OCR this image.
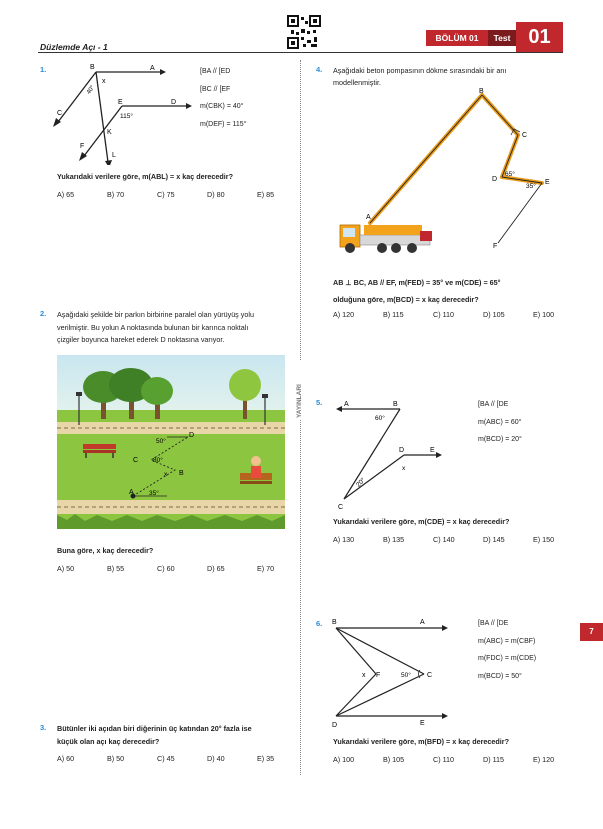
Düzlemde Açı - 1
BÖLÜM 01	Test 01
YAYINLARI
7
1.	B	A
C
E	D
F
K
L
x
40°
115°
[BA // [ED
[BC // [EF
m(CBK) = 40°
m(DEF) = 115°
Yukarıdaki verilere göre, m(ABL) = x kaç derecedir?
A) 65	B) 70	C) 75	D) 80	E) 85
2. Aşağıdaki şekilde bir parkın birbirine paralel olan yürüyüş yolu
verilmiştir. Bu yolun A noktasında bulunan bir karınca noktalı
çizgiler boyunca hareket ederek D noktasına varıyor.
D
50°
C 80°
x B
A 35°
Buna göre, x kaç derecedir?
A) 50	B) 55	C) 60	D) 65	E) 70
3. Bütünler iki açıdan biri diğerinin üç katından 20° fazla ise
küçük olan açı kaç derecedir?
A) 60	B) 50	C) 45	D) 40	E) 35
4. Aşağıdaki beton pompasının dökme sırasındaki bir anı
modellenmiştir.
B
C
D
65°
35°
E
A
F
AB ⊥ BC, AB // EF, m(FED) = 35° ve m(CDE) = 65°
olduğuna göre, m(BCD) = x kaç derecedir?
A) 120	B) 115	C) 110	D) 105	E) 100
5.	A	B
60°
D	E
x
20°
C
[BA // [DE
m(ABC) = 60°
m(BCD) = 20°
Yukarıdaki verilere göre, m(CDE) = x kaç derecedir?
A) 130	B) 135	C) 140	D) 145	E) 150
6. B	A
x F	50° C
D	E
[BA // [DE
m(ABC) = m(CBF)
m(FDC) = m(CDE)
m(BCD) = 50°
Yukarıdaki verilere göre, m(BFD) = x kaç derecedir?
A) 100	B) 105	C) 110	D) 115	E) 120
